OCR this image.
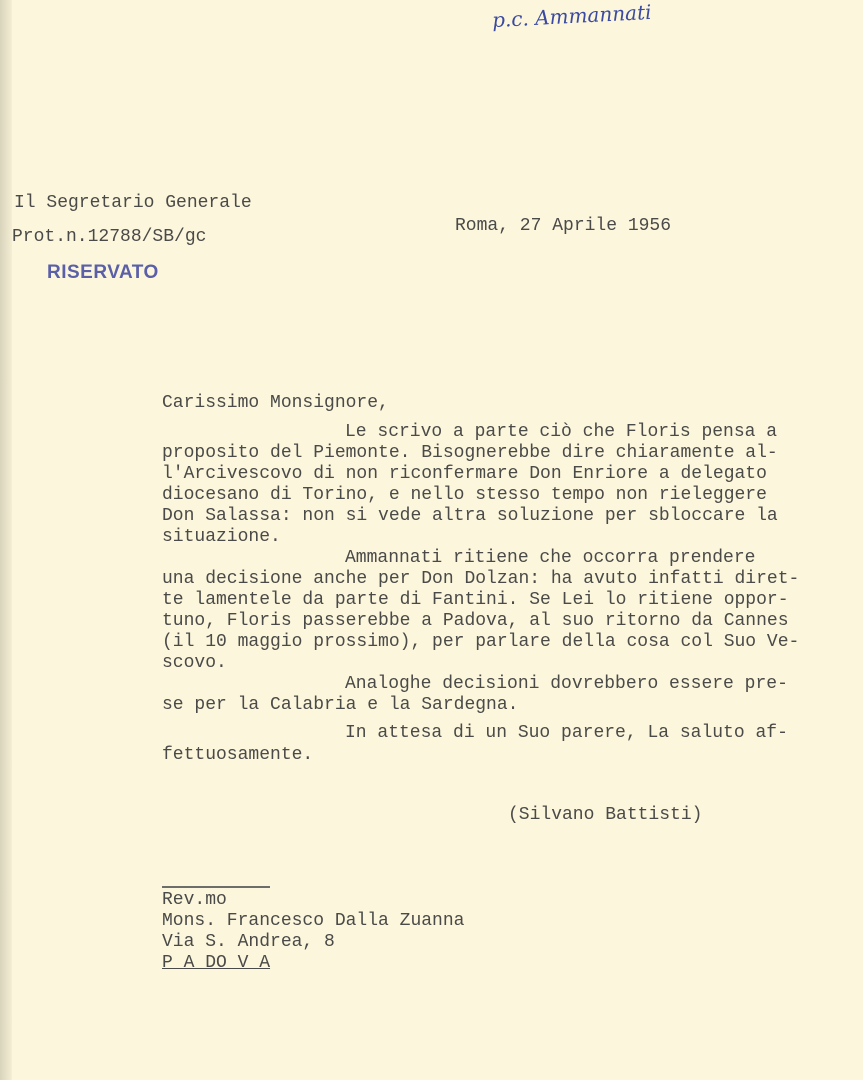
p.c. Ammannati
Il Segretario Generale
Prot.n.12788/SB/gc
RISERVATO
Roma, 27 Aprile 1956
Carissimo Monsignore,
Le scrivo a parte ciò che Floris pensa a
proposito del Piemonte. Bisognerebbe dire chiaramente al-
l'Arcivescovo di non riconfermare Don Enriore a delegato
diocesano di Torino, e nello stesso tempo non rieleggere
Don Salassa: non si vede altra soluzione per sbloccare la
situazione.
Ammannati ritiene che occorra prendere
una decisione anche per Don Dolzan: ha avuto infatti diret-
te lamentele da parte di Fantini. Se Lei lo ritiene oppor-
tuno, Floris passerebbe a Padova, al suo ritorno da Cannes
(il 10 maggio prossimo), per parlare della cosa col Suo Ve-
scovo.
Analoghe decisioni dovrebbero essere pre-
se per la Calabria e la Sardegna.
In attesa di un Suo parere, La saluto af-
fettuosamente.
(Silvano Battisti)
Rev.mo
Mons. Francesco Dalla Zuanna
Via S. Andrea, 8
P A DO V A
